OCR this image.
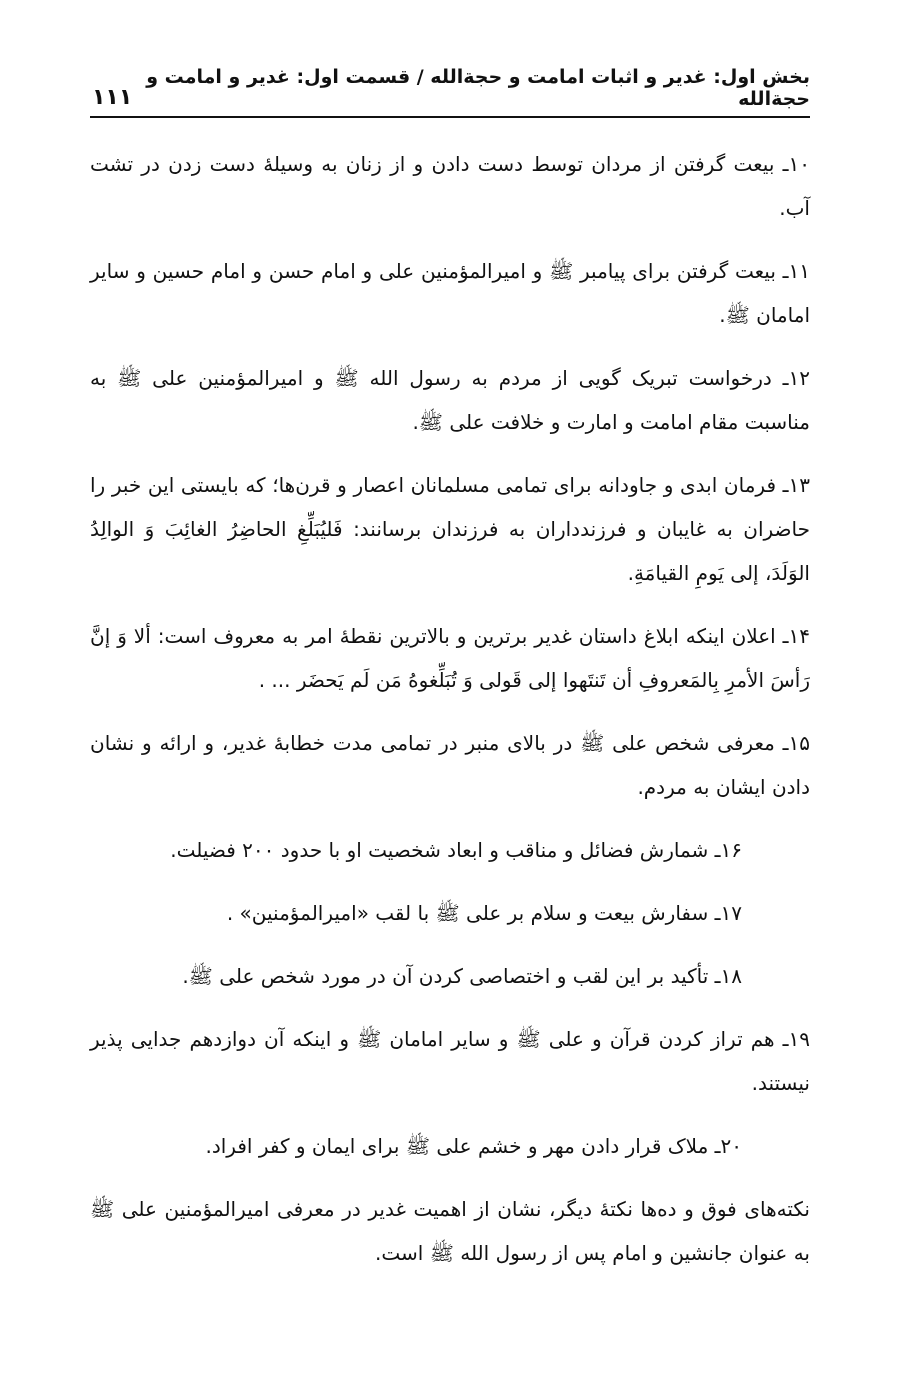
بخش اول: غدیر و اثبات امامت و حجةالله / قسمت اول: غدیر و امامت و حجةالله
۱۱۱

۱۰ـ بیعت گرفتن از مردان توسط دست دادن و از زنان به وسیلهٔ دست زدن در تشت آب.

۱۱ـ بیعت گرفتن برای پیامبر ﷺ و امیرالمؤمنین علی و امام حسن و امام حسین و سایر امامان ﷺ.

۱۲ـ درخواست تبریک گویی از مردم به رسول الله ﷺ و امیرالمؤمنین علی ﷺ به مناسبت مقام امامت و امارت و خلافت علی ﷺ.

۱۳ـ فرمان ابدی و جاودانه برای تمامی مسلمانان اعصار و قرن‌ها؛ که بایستی این خبر را حاضران به غایبان و فرزندداران به فرزندان برسانند: فَلیُبَلِّغِ الحاضِرُ الغائِبَ وَ الوالِدُ الوَلَدَ، إلی یَومِ القیامَةِ.

۱۴ـ اعلان اینکه ابلاغ داستان غدیر برترین و بالاترین نقطهٔ امر به معروف است: ألا وَ إنَّ رَأسَ الأمرِ بِالمَعروفِ أن تَنتَهوا إلی قَولی وَ تُبَلِّغوهُ مَن لَم یَحضَر ... .

۱۵ـ معرفی شخص علی ﷺ در بالای منبر در تمامی مدت خطابهٔ غدیر، و ارائه و نشان دادن ایشان به مردم.

۱۶ـ شمارش فضائل و مناقب و ابعاد شخصیت او با حدود ۲۰۰ فضیلت.

۱۷ـ سفارش بیعت و سلام بر علی ﷺ با لقب «امیرالمؤمنین» .

۱۸ـ تأکید بر این لقب و اختصاصی کردن آن در مورد شخص علی ﷺ.

۱۹ـ هم تراز کردن قرآن و علی ﷺ و سایر امامان ﷺ و اینکه آن دوازدهم جدایی پذیر نیستند.

۲۰ـ ملاک قرار دادن مهر و خشم علی ﷺ برای ایمان و کفر افراد.

نکته‌های فوق و ده‌ها نکتهٔ دیگر، نشان از اهمیت غدیر در معرفی امیرالمؤمنین علی ﷺ به عنوان جانشین و امام پس از رسول الله ﷺ است.
